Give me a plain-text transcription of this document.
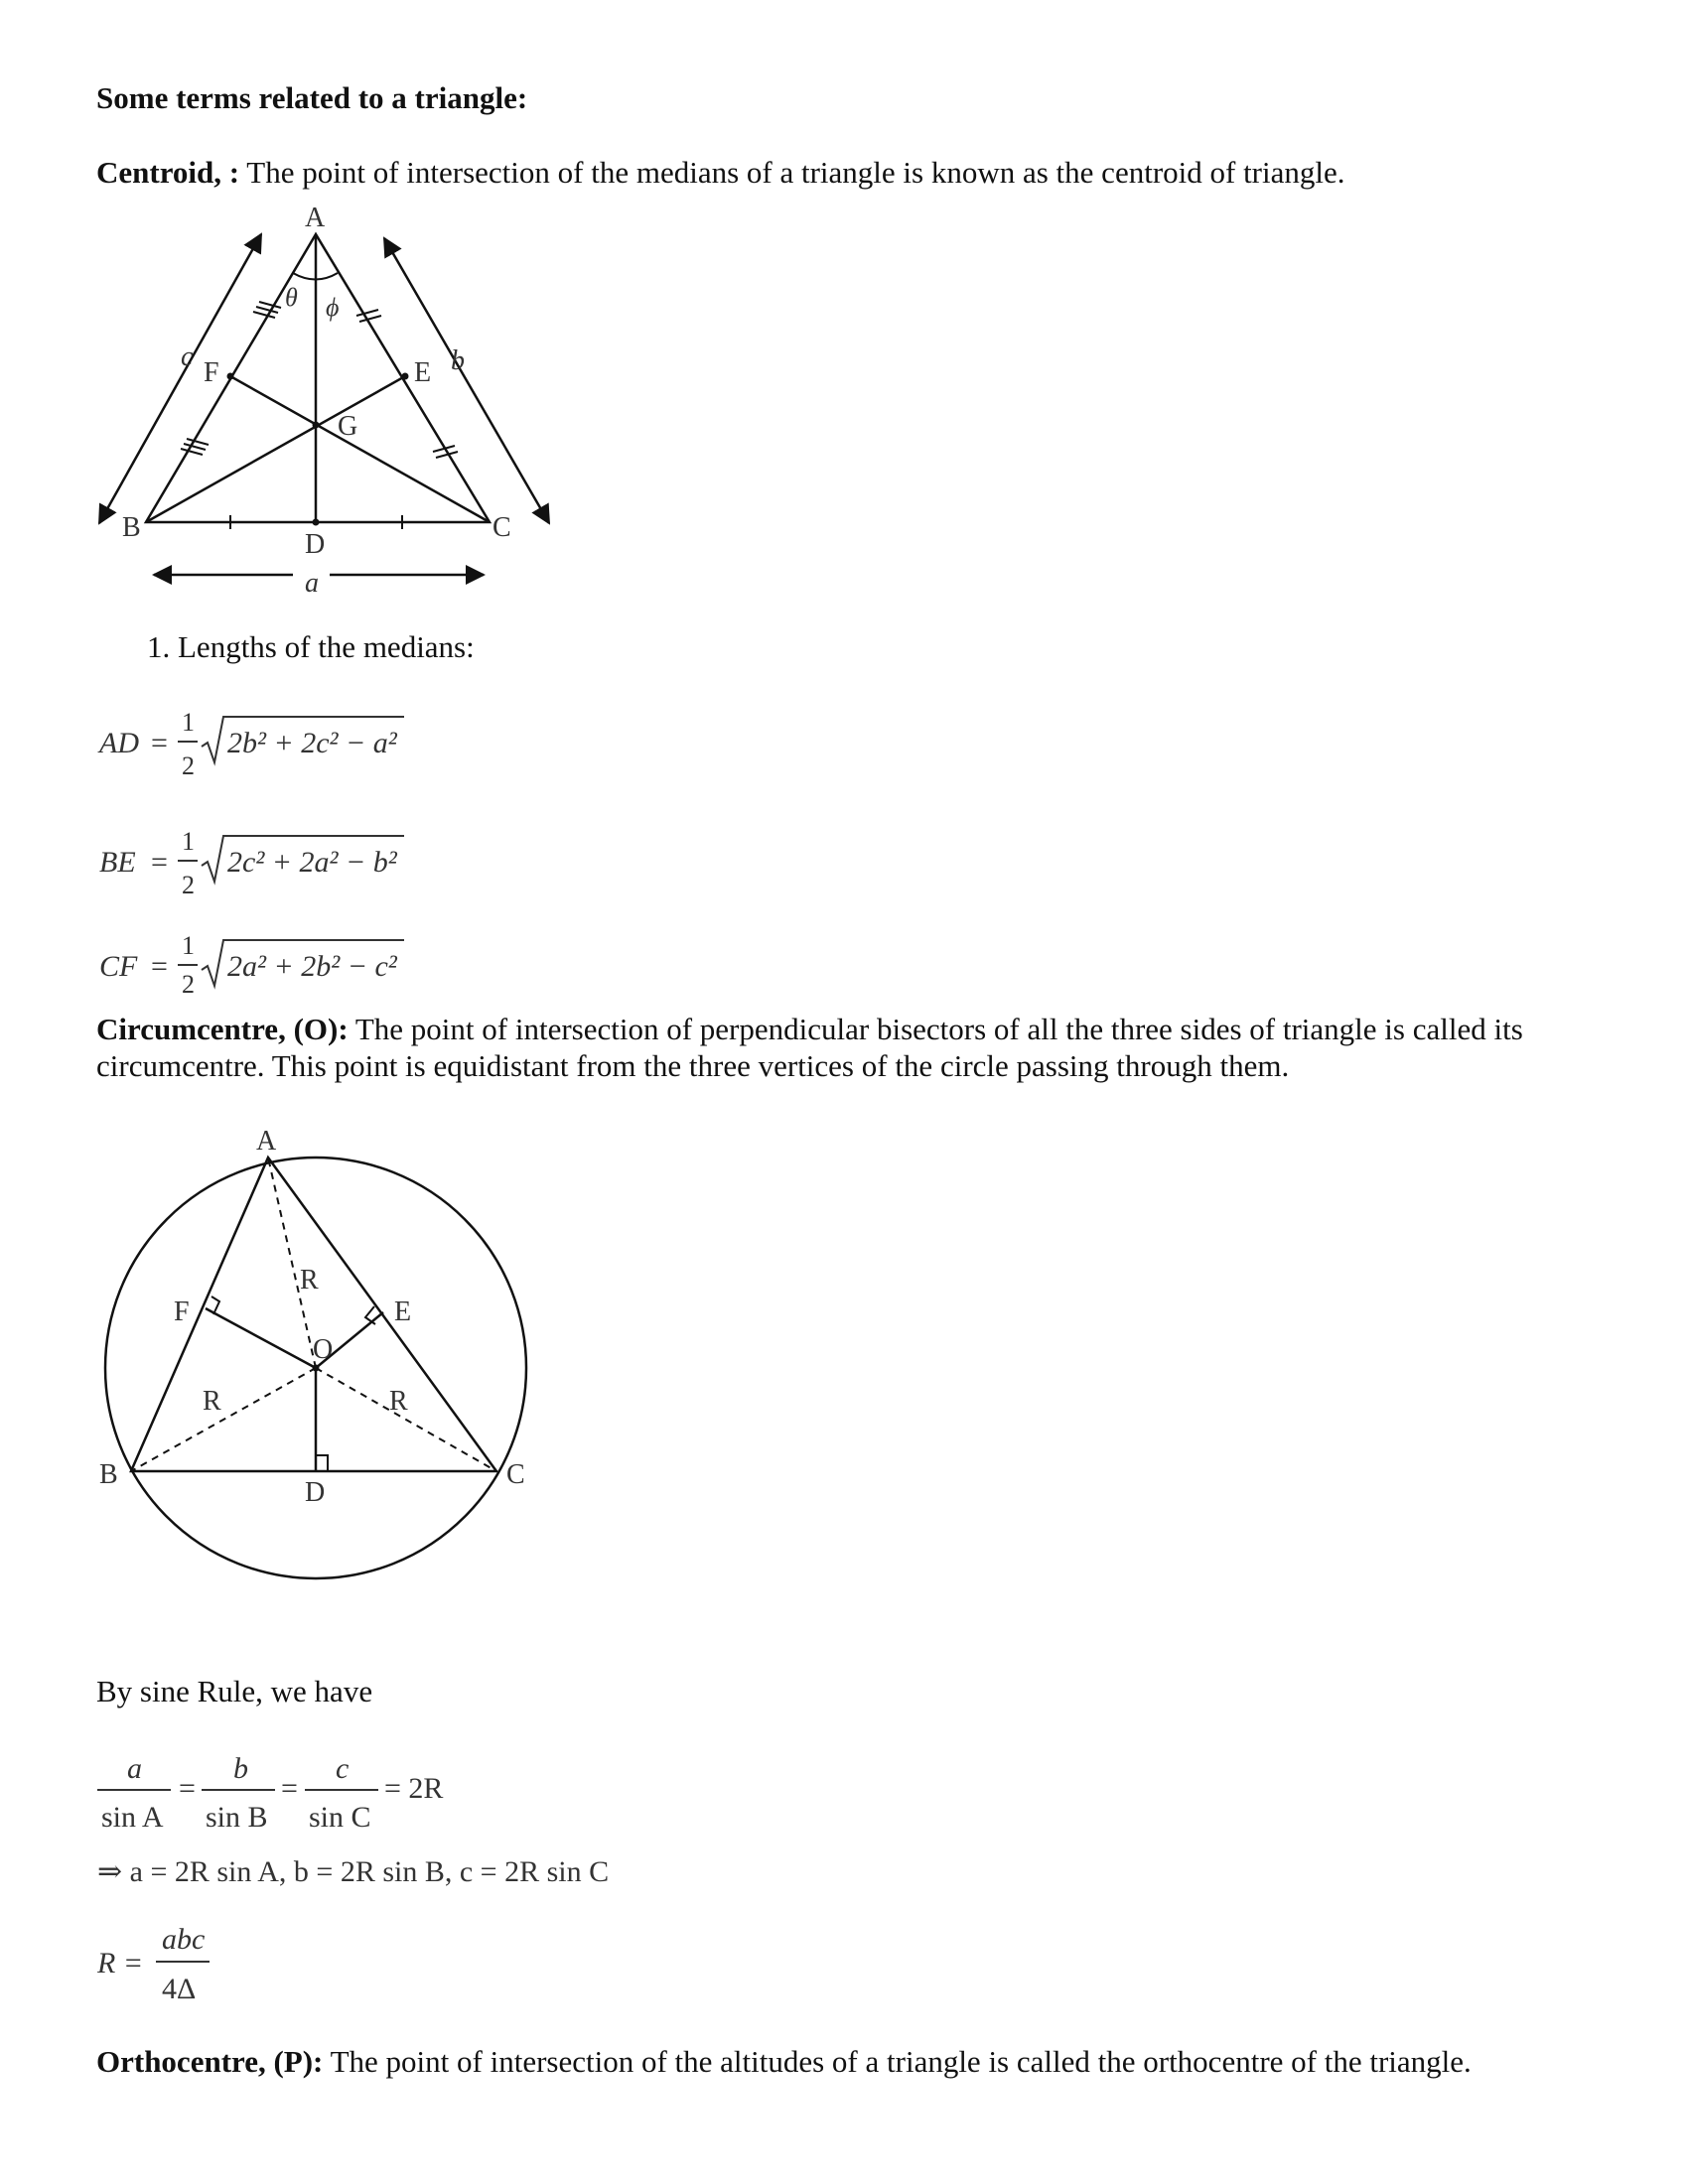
Some terms related to a triangle:
Centroid, : The point of intersection of the medians of a triangle is known as the centroid of triangle.
A
B	C
D
E
F
G
a
b
c
θ ϕ
1. Lengths of the medians:
AD =
1
2
2b² + 2c² − a²
BE =
1
2
2c² + 2a² − b²
CF =
1
2
2a² + 2b² − c²
Circumcentre, (O): The point of intersection of perpendicular bisectors of all the three sides of triangle is called its circumcentre. This point is equidistant from the three vertices of the circle passing through them.
A
B	C
D
E
F
O
R
R	R
By sine Rule, we have
a
sin A
=
b
sin B
=
c
sin C
= 2R
⇒ a = 2R sin A, b = 2R sin B, c = 2R sin C
R =
abc
4Δ
Orthocentre, (P): The point of intersection of the altitudes of a triangle is called the orthocentre of the triangle.
